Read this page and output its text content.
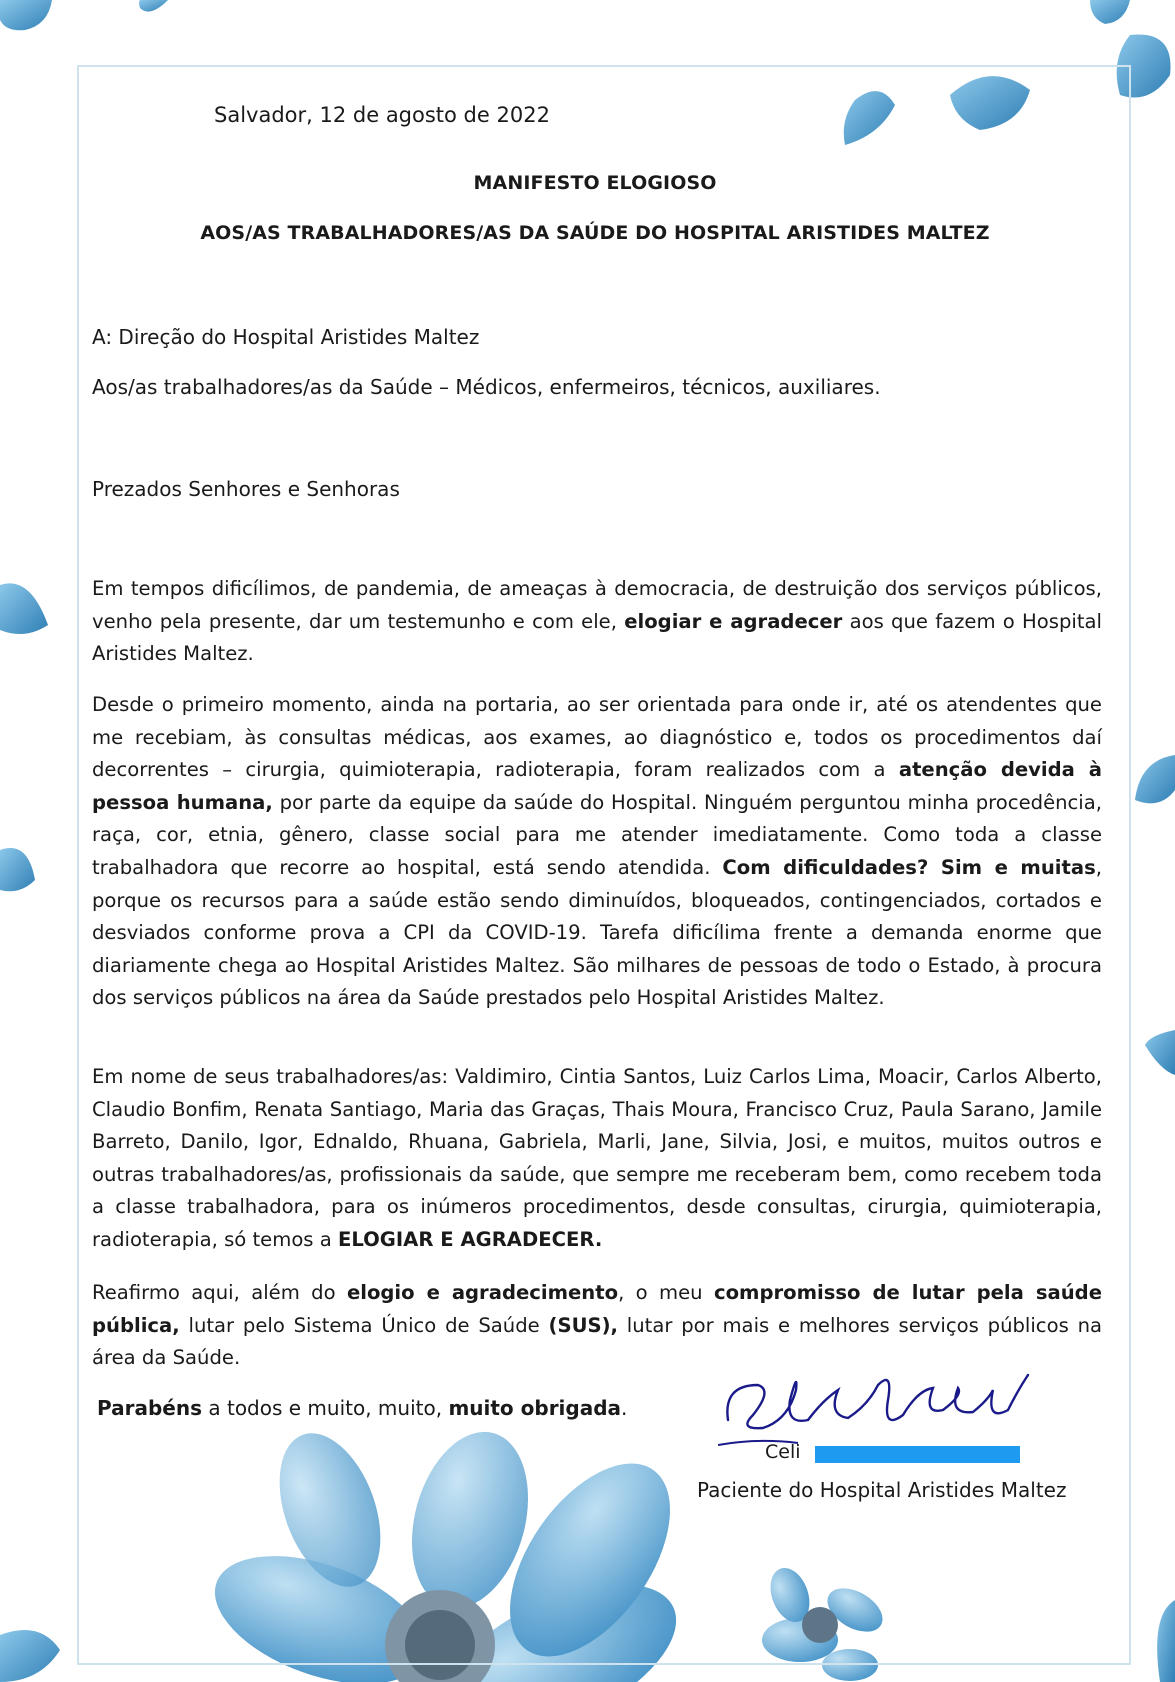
Salvador, 12 de agosto de 2022
MANIFESTO ELOGIOSO
AOS/AS TRABALHADORES/AS DA SAÚDE DO HOSPITAL ARISTIDES MALTEZ
A: Direção do Hospital Aristides Maltez
Aos/as trabalhadores/as da Saúde – Médicos, enfermeiros, técnicos, auxiliares.
Prezados Senhores e Senhoras
Em tempos dificílimos, de pandemia, de ameaças à democracia, de destruição dos serviços públicos, venho pela presente, dar um testemunho e com ele, elogiar e agradecer aos que fazem o Hospital Aristides Maltez.
Desde o primeiro momento, ainda na portaria, ao ser orientada para onde ir, até os atendentes que me recebiam, às consultas médicas, aos exames, ao diagnóstico e, todos os procedimentos daí decorrentes – cirurgia, quimioterapia, radioterapia, foram realizados com a atenção devida à pessoa humana, por parte da equipe da saúde do Hospital. Ninguém perguntou minha procedência, raça, cor, etnia, gênero, classe social para me atender imediatamente. Como toda a classe trabalhadora que recorre ao hospital, está sendo atendida. Com dificuldades? Sim e muitas, porque os recursos para a saúde estão sendo diminuídos, bloqueados, contingenciados, cortados e desviados conforme prova a CPI da COVID-19. Tarefa dificílima frente a demanda enorme que diariamente chega ao Hospital Aristides Maltez. São milhares de pessoas de todo o Estado, à procura dos serviços públicos na área da Saúde prestados pelo Hospital Aristides Maltez.
Em nome de seus trabalhadores/as: Valdimiro, Cintia Santos, Luiz Carlos Lima, Moacir, Carlos Alberto, Claudio Bonfim, Renata Santiago, Maria das Graças, Thais Moura, Francisco Cruz, Paula Sarano, Jamile Barreto, Danilo, Igor, Ednaldo, Rhuana, Gabriela, Marli, Jane, Silvia, Josi, e muitos, muitos outros e outras trabalhadores/as, profissionais da saúde, que sempre me receberam bem, como recebem toda a classe trabalhadora, para os inúmeros procedimentos, desde consultas, cirurgia, quimioterapia, radioterapia, só temos a ELOGIAR E AGRADECER.
Reafirmo aqui, além do elogio e agradecimento, o meu compromisso de lutar pela saúde pública, lutar pelo Sistema Único de Saúde (SUS), lutar por mais e melhores serviços públicos na área da Saúde.
Parabéns a todos e muito, muito, muito obrigada.
Celi
Paciente do Hospital Aristides Maltez
